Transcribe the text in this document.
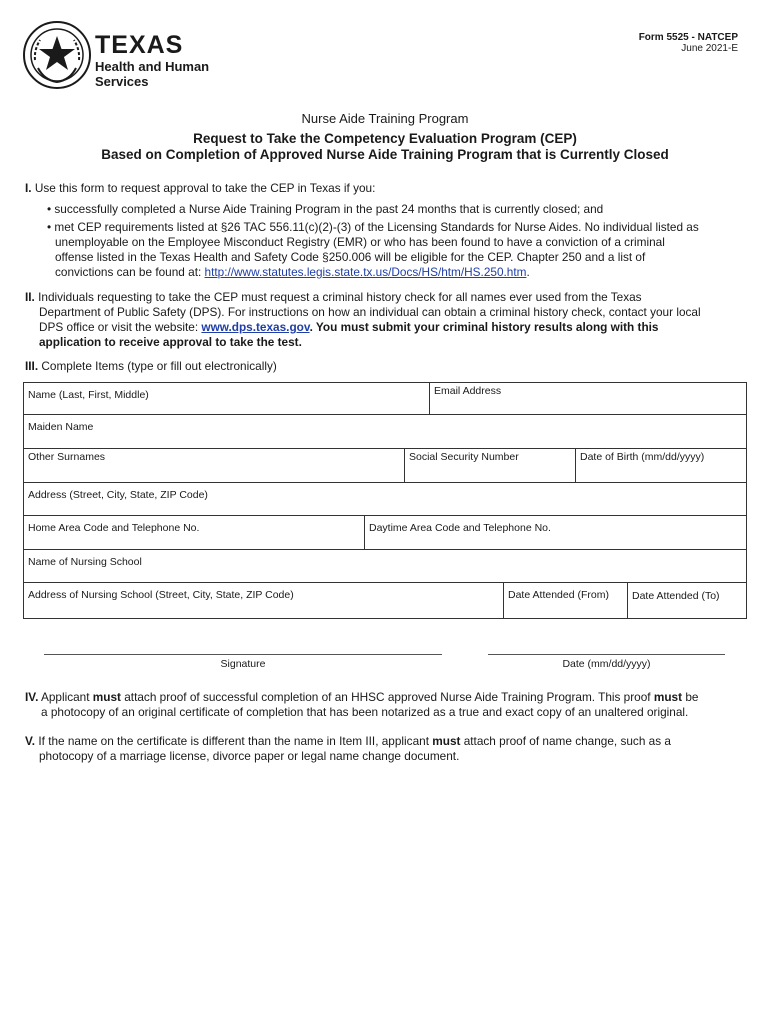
TEXAS
Health and Human
Services
Form 5525 - NATCEP
June 2021-E
Nurse Aide Training Program
Request to Take the Competency Evaluation Program (CEP)
Based on Completion of Approved Nurse Aide Training Program that is Currently Closed
I. Use this form to request approval to take the CEP in Texas if you:
• successfully completed a Nurse Aide Training Program in the past 24 months that is currently closed; and
• met CEP requirements listed at §26 TAC 556.11(c)(2)-(3) of the Licensing Standards for Nurse Aides. No individual listed as
unemployable on the Employee Misconduct Registry (EMR) or who has been found to have a conviction of a criminal
offense listed in the Texas Health and Safety Code §250.006 will be eligible for the CEP. Chapter 250 and a list of
convictions can be found at: http://www.statutes.legis.state.tx.us/Docs/HS/htm/HS.250.htm.
II. Individuals requesting to take the CEP must request a criminal history check for all names ever used from the Texas
Department of Public Safety (DPS). For instructions on how an individual can obtain a criminal history check, contact your local
DPS office or visit the website: www.dps.texas.gov. You must submit your criminal history results along with this
application to receive approval to take the test.
III. Complete Items (type or fill out electronically)
Name (Last, First, Middle)	Email Address
Maiden Name
Other Surnames	Social Security Number	Date of Birth (mm/dd/yyyy)
Address (Street, City, State, ZIP Code)
Home Area Code and Telephone No.	Daytime Area Code and Telephone No.
Name of Nursing School
Address of Nursing School (Street, City, State, ZIP Code)	Date Attended (From)	Date Attended (To)
Signature	Date (mm/dd/yyyy)
IV. Applicant must attach proof of successful completion of an HHSC approved Nurse Aide Training Program. This proof must be
a photocopy of an original certificate of completion that has been notarized as a true and exact copy of an unaltered original.
V. If the name on the certificate is different than the name in Item III, applicant must attach proof of name change, such as a
photocopy of a marriage license, divorce paper or legal name change document.
